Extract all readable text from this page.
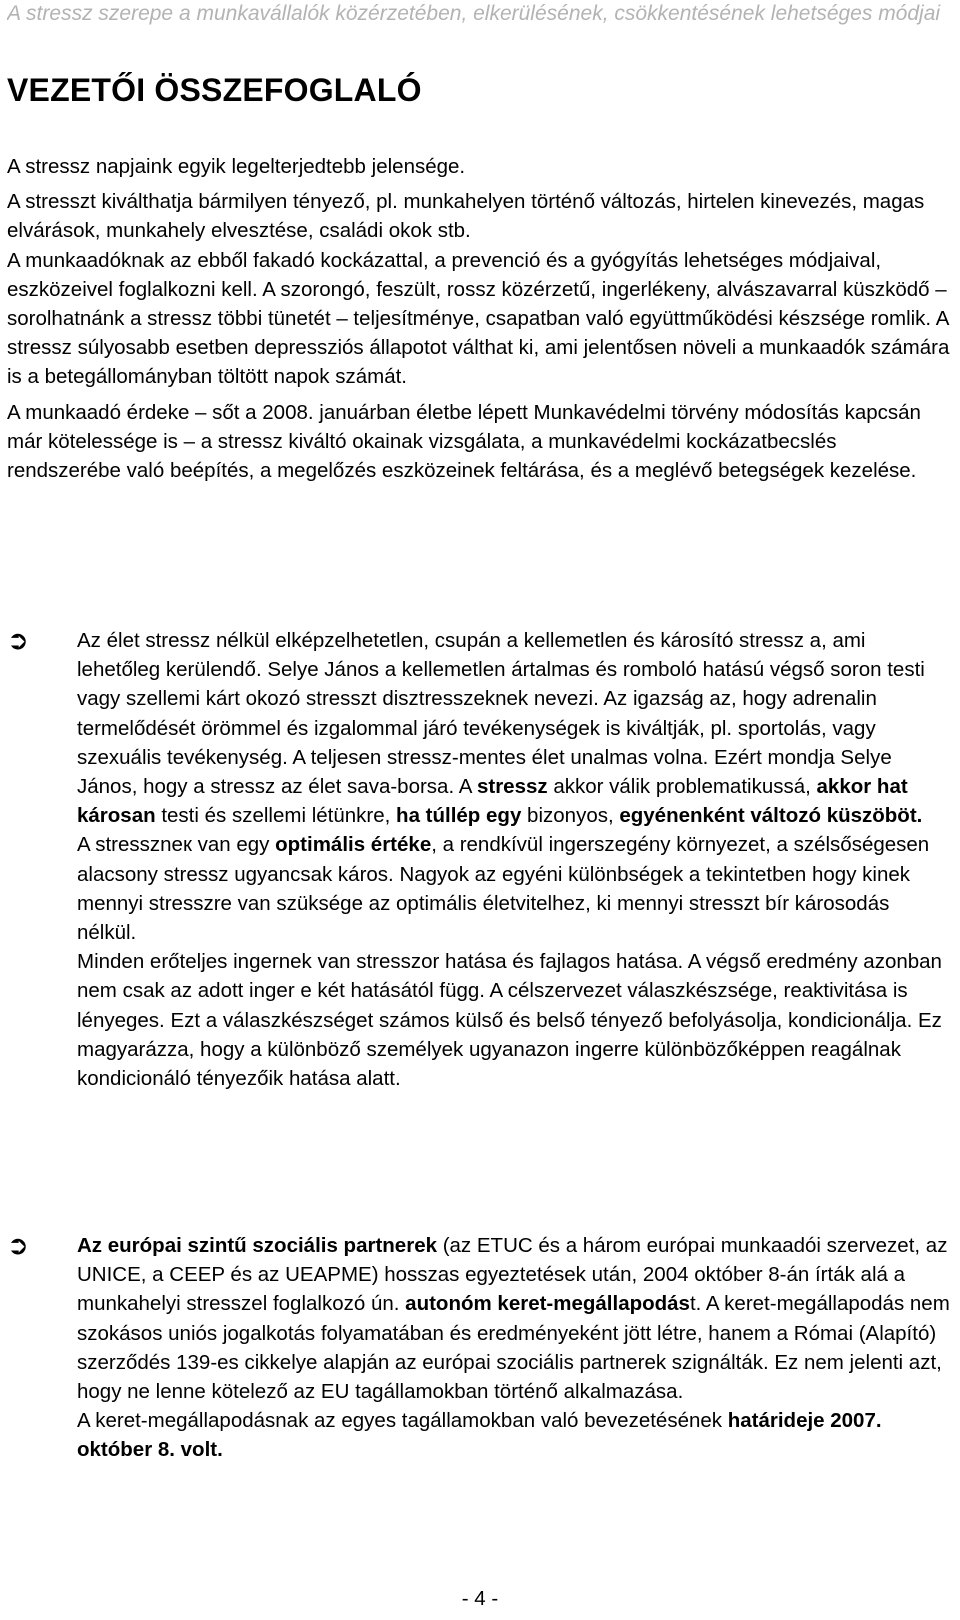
A stressz szerepe a munkavállalók közérzetében, elkerülésének, csökkentésének lehetséges módjai
VEZETŐI ÖSSZEFOGLALÓ

A stressz napjaink egyik legelterjedtebb jelensége.

A stresszt kiválthatja bármilyen tényező, pl. munkahelyen történő változás, hirtelen kinevezés, magas elvárások, munkahely elvesztése, családi okok stb.

A munkaadóknak az ebből fakadó kockázattal, a prevenció és a gyógyítás lehetséges módjaival, eszközeivel foglalkozni kell. A szorongó, feszült, rossz közérzetű, ingerlékeny, alvászavarral küszködő – sorolhatnánk a stressz többi tünetét – teljesítménye, csapatban való együttműködési készsége romlik. A stressz súlyosabb esetben depressziós állapotot válthat ki, ami jelentősen növeli a munkaadók számára is a betegállományban töltött napok számát.

A munkaadó érdeke – sőt a 2008. januárban életbe lépett Munkavédelmi törvény módosítás kapcsán már kötelessége is – a stressz kiváltó okainak vizsgálata, a munkavédelmi kockázatbecslés rendszerébe való beépítés, a megelőzés eszközeinek feltárása, és a meglévő betegségek kezelése.

➲	Az élet stressz nélkül elképzelhetetlen, csupán a kellemetlen és károsító stressz a, ami lehetőleg kerülendő. Selye János a kellemetlen ártalmas és romboló hatású végső soron testi vagy szellemi kárt okozó stresszt disztresszeknek nevezi. Az igazság az, hogy adrenalin termelődését örömmel és izgalommal járó tevékenységek is kiváltják, pl. sportolás, vagy szexuális tevékenység. A teljesen stressz-mentes élet unalmas volna. Ezért mondja Selye János, hogy a stressz az élet sava-borsa. A stressz akkor válik problematikussá, akkor hat károsan testi és szellemi létünkre, ha túllép egy bizonyos, egyénenként változó küszöböt.

A stresszneк van egy optimális értéke, a rendkívül ingerszegény környezet, a szélsőségesen alacsony stressz ugyancsak káros. Nagyok az egyéni különbségek a tekintetben hogy kinek mennyi stresszre van szüksége az optimális életvitelhez, ki mennyi stresszt bír károsodás nélkül.

Minden erőteljes ingernek van stresszor hatása és fajlagos hatása. A végső eredmény azonban nem csak az adott inger e két hatásától függ. A célszervezet válaszkészsége, reaktivitása is lényeges. Ezt a válaszkészséget számos külső és belső tényező befolyásolja, kondicionálja. Ez magyarázza, hogy a különböző személyek ugyanazon ingerre különbözőképpen reagálnak kondicionáló tényezőik hatása alatt.

➲	Az európai szintű szociális partnerek (az ETUC és a három európai munkaadói szervezet, az UNICE, a CEEP és az UEAPME) hosszas egyeztetések után, 2004 október 8-án írták alá a munkahelyi stresszel foglalkozó ún. autonóm keret-megállapodást. A keret-megállapodás nem szokásos uniós jogalkotás folyamatában és eredményeként jött létre, hanem a Római (Alapító) szerződés 139-es cikkelye alapján az európai szociális partnerek szignálták. Ez nem jelenti azt, hogy ne lenne kötelező az EU tagállamokban történő alkalmazása.

A keret-megállapodásnak az egyes tagállamokban való bevezetésének határideje 2007. október 8. volt.

- 4 -
